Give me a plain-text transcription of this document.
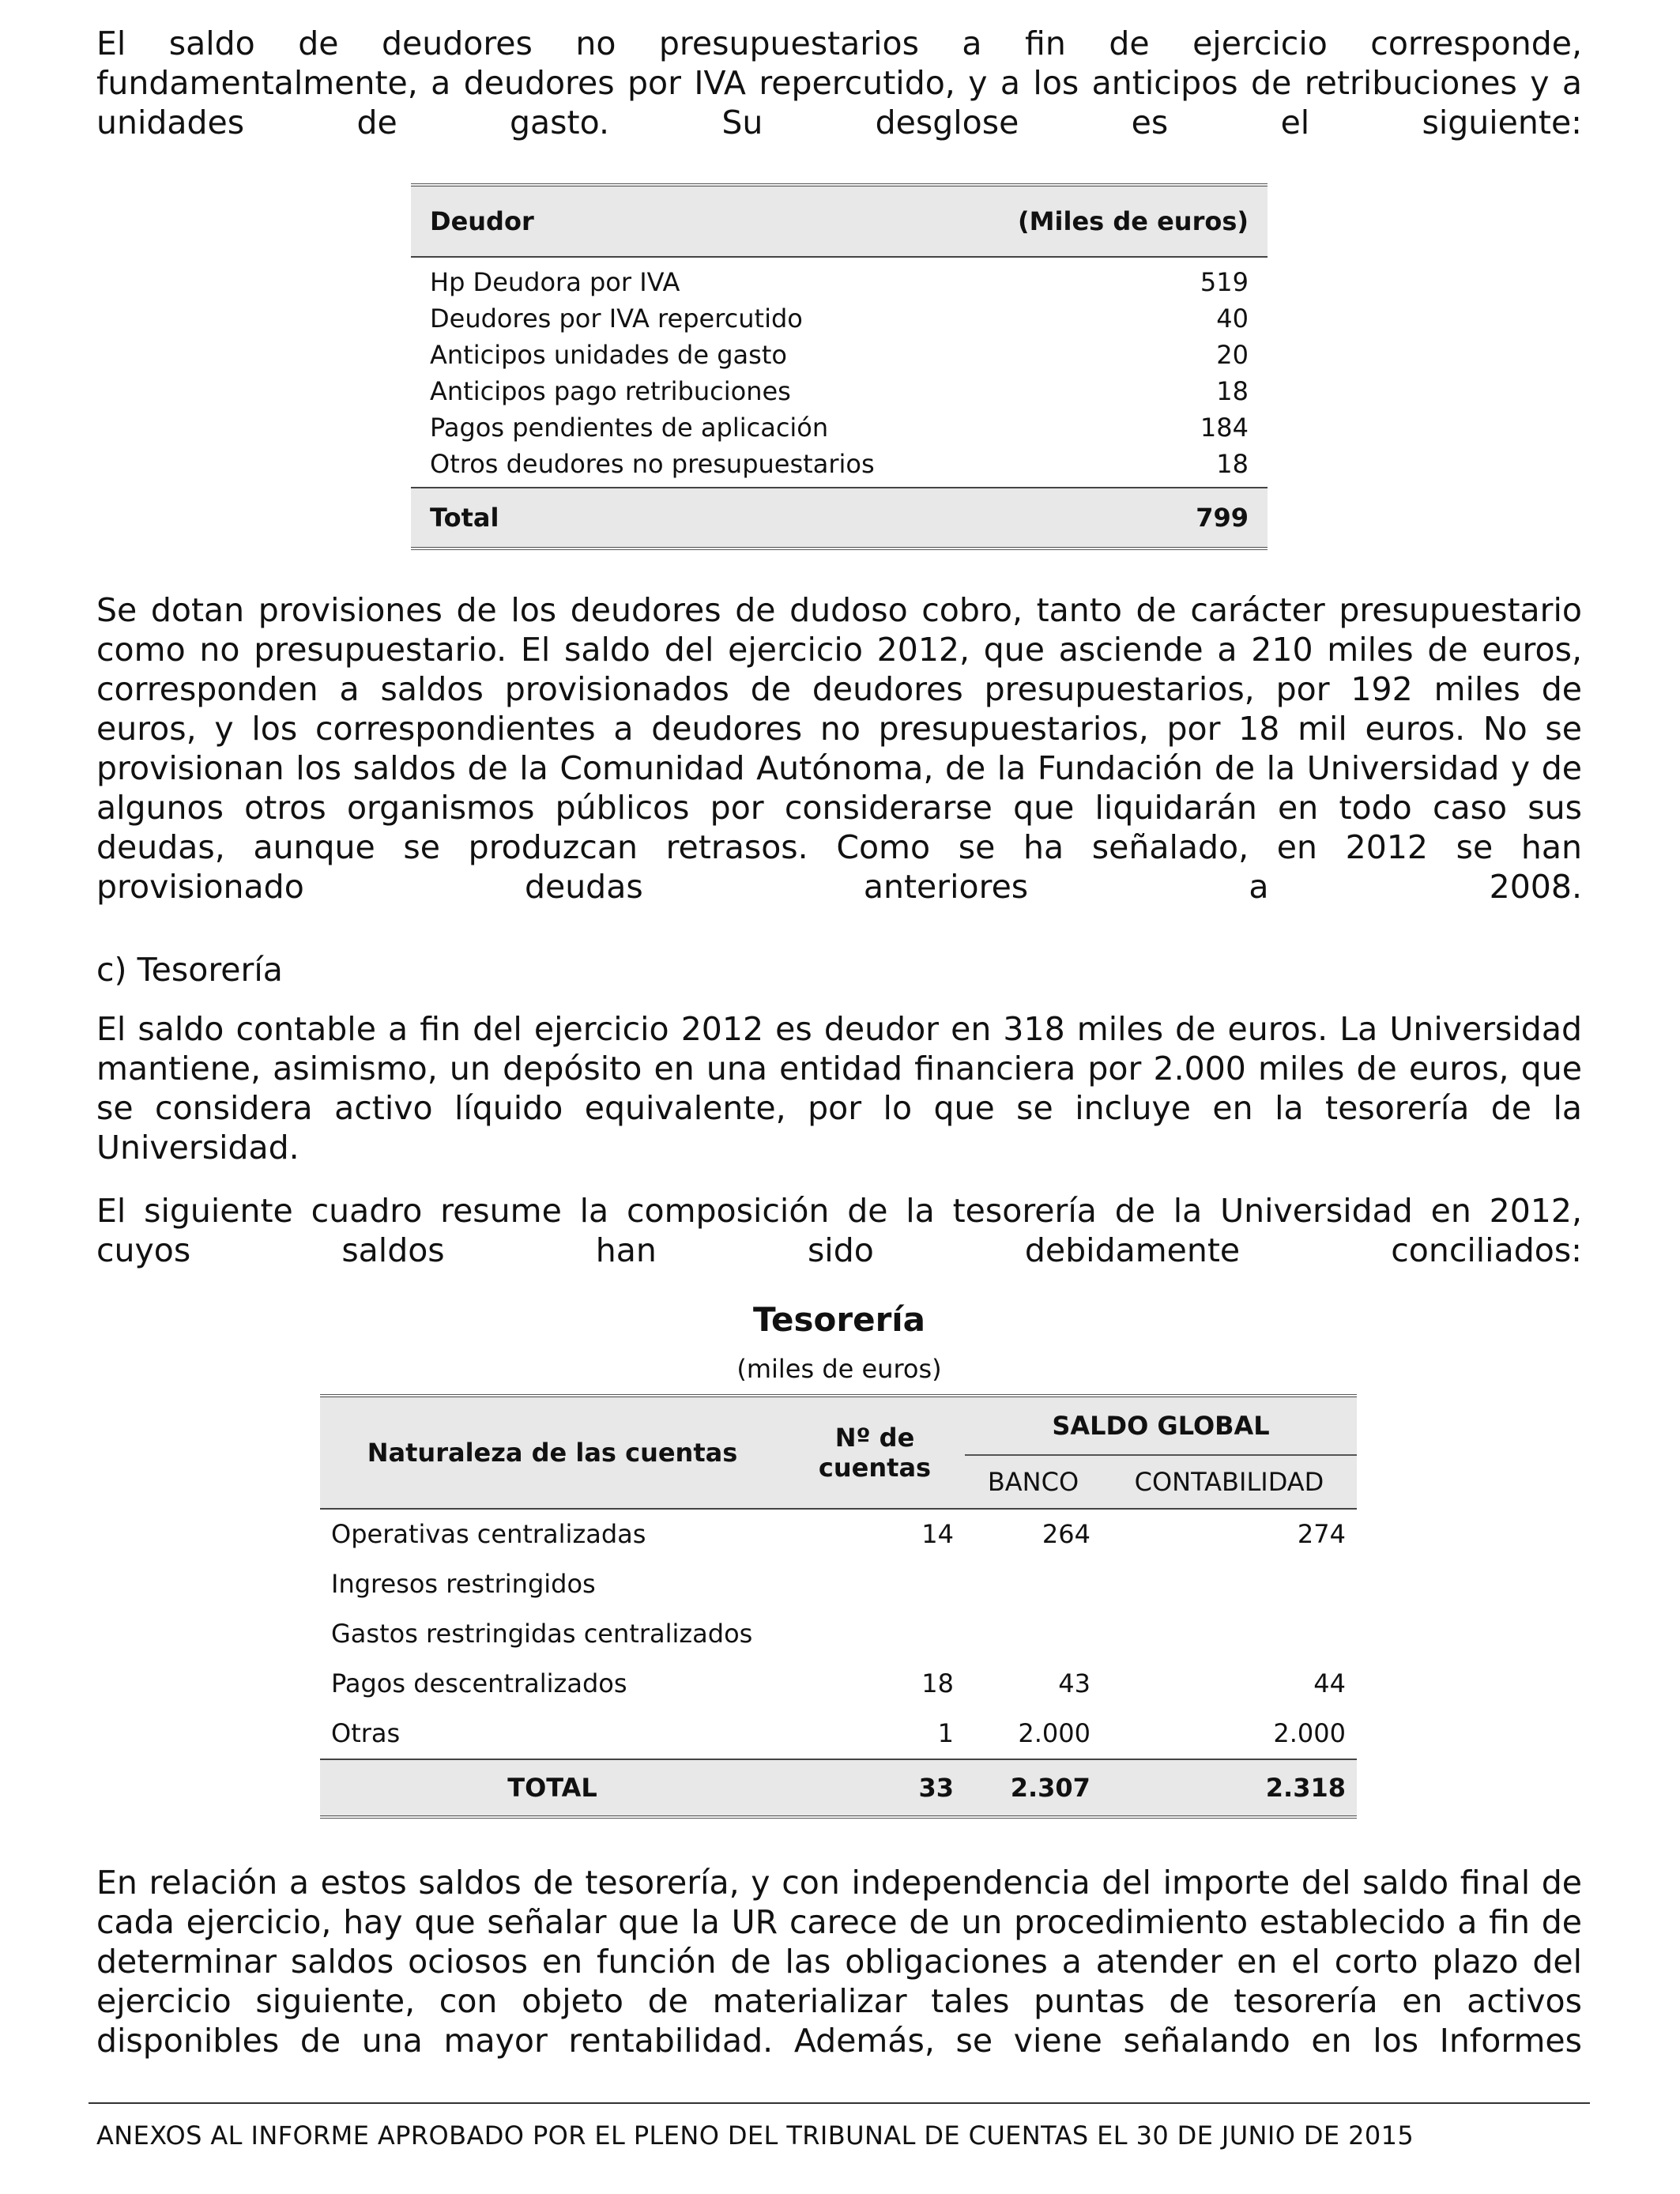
El saldo de deudores no presupuestarios a fin de ejercicio corresponde, fundamentalmente, a deudores por IVA repercutido, y a los anticipos de retribuciones y a unidades de gasto. Su desglose es el siguiente:

Deudor	(Miles de euros)
Hp Deudora por IVA	519
Deudores por IVA repercutido	40
Anticipos unidades de gasto	20
Anticipos pago retribuciones	18
Pagos pendientes de aplicación	184
Otros deudores no presupuestarios	18
Total	799

Se dotan provisiones de los deudores de dudoso cobro, tanto de carácter presupuestario como no presupuestario. El saldo del ejercicio 2012, que asciende a 210 miles de euros, corresponden a saldos provisionados de deudores presupuestarios, por 192 miles de euros, y los correspondientes a deudores no presupuestarios, por 18 mil euros. No se provisionan los saldos de la Comunidad Autónoma, de la Fundación de la Universidad y de algunos otros organismos públicos por considerarse que liquidarán en todo caso sus deudas, aunque se produzcan retrasos. Como se ha señalado, en 2012 se han provisionado deudas anteriores a 2008.

c) Tesorería

El saldo contable a fin del ejercicio 2012 es deudor en 318 miles de euros. La Universidad mantiene, asimismo, un depósito en una entidad financiera por 2.000 miles de euros, que se considera activo líquido equivalente, por lo que se incluye en la tesorería de la Universidad.

El siguiente cuadro resume la composición de la tesorería de la Universidad en 2012, cuyos saldos han sido debidamente conciliados:

Tesorería

(miles de euros)

Naturaleza de las cuentas	Nº de cuentas	SALDO GLOBAL	
		BANCO	CONTABILIDAD
Operativas centralizadas	14	264	274
Ingresos restringidos			
Gastos restringidas centralizados			
Pagos descentralizados	18	43	44
Otras	1	2.000	2.000
TOTAL	33	2.307	2.318

En relación a estos saldos de tesorería, y con independencia del importe del saldo final de cada ejercicio, hay que señalar que la UR carece de un procedimiento establecido a fin de determinar saldos ociosos en función de las obligaciones a atender en el corto plazo del ejercicio siguiente, con objeto de materializar tales puntas de tesorería en activos disponibles de una mayor rentabilidad. Además, se viene señalando en los Informes

ANEXOS AL INFORME APROBADO POR EL PLENO DEL TRIBUNAL DE CUENTAS EL 30 DE JUNIO DE 2015
